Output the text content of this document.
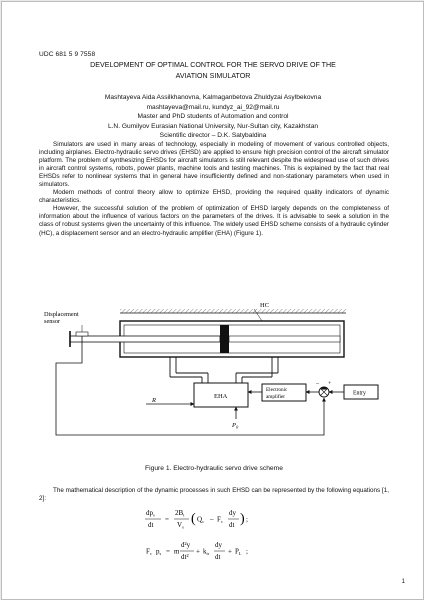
UDC 681 5 9 7558
DEVELOPMENT OF OPTIMAL CONTROL FOR THE SERVO DRIVE OF THE
AVIATION SIMULATOR
Mashtayeva Aida Assilkhanovna, Kalmaganbetova Zhuldyzai Asylbekovna
mashtayeva@mail.ru, kundyz_ai_92@mail.ru
Master and PhD students of Automation and control
L.N. Gumilyov Eurasian National University, Nur-Sultan city, Kazakhstan
Scientific director – D.K. Satybaldina

Simulators are used in many areas of technology, especially in modeling of movement of various controlled objects, including airplanes. Electro-hydraulic servo drives (EHSD) are applied to ensure high precision control of the aircraft simulator platform. The problem of synthesizing EHSDs for aircraft simulators is still relevant despite the widespread use of such drives in aircraft control systems, robots, power plants, machine tools and testing machines. This is explained by the fact that real EHSDs refer to nonlinear systems that in general have insufficiently defined and non-stationary parameters when used in simulators.

Modern methods of control theory allow to optimize EHSD, providing the required quality indicators of dynamic characteristics.

However, the successful solution of the problem of optimization of EHSD largely depends on the completeness of information about the influence of various factors on the parameters of the drives. It is advisable to seek a solution in the class of robust systems given the uncertainty of this influence. The widely used EHSD scheme consists of a hydraulic cylinder (HC), a displacement sensor and an electro-hydraulic amplifier (EHA) (Figure 1).

HC
Displacement
sensor
EHA
R
$P_0$
Electronic
amplifier
– +
Entry
Figure 1. Electro-hydraulic servo drive scheme
The mathematical description of the dynamic processes in such EHSD can be represented by the following equations [1, 2]:
$dp_s$
dt
=
$2B_t$
$V_s$
( $Q_c - F_c$
dy
dt ) ;
$F_c$ $p_s = m$
d²y
dt²
+ $k_{tr}$
dy
dt
+ $P_L$ ;
1
